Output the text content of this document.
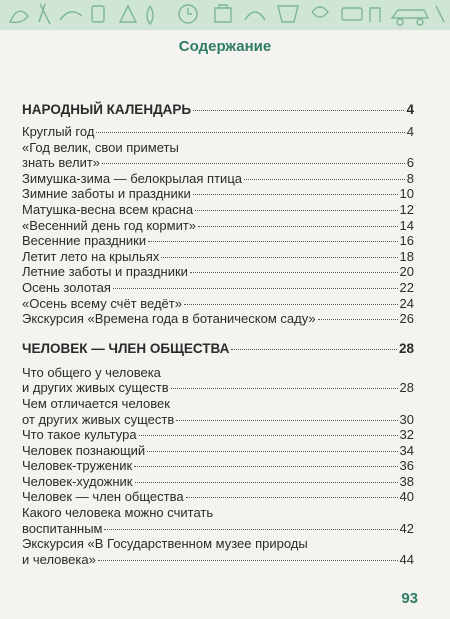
Содержание
НАРОДНЫЙ КАЛЕНДАРЬ	4
Круглый год	4
«Год велик, свои приметы
знать велит»	6
Зимушка-зима — белокрылая птица	8
Зимние заботы и праздники	10
Матушка-весна всем красна	12
«Весенний день год кормит»	14
Весенние праздники	16
Летит лето на крыльях	18
Летние заботы и праздники	20
Осень золотая	22
«Осень всему счёт ведёт»	24
Экскурсия «Времена года в ботаническом саду»	26
ЧЕЛОВЕК — ЧЛЕН ОБЩЕСТВА	28
Что общего у человека
и других живых существ	28
Чем отличается человек
от других живых существ	30
Что такое культура	32
Человек познающий	34
Человек-труженик	36
Человек-художник	38
Человек — член общества	40
Какого человека можно считать
воспитанным	42
Экскурсия «В Государственном музее природы
и человека»	44
93
